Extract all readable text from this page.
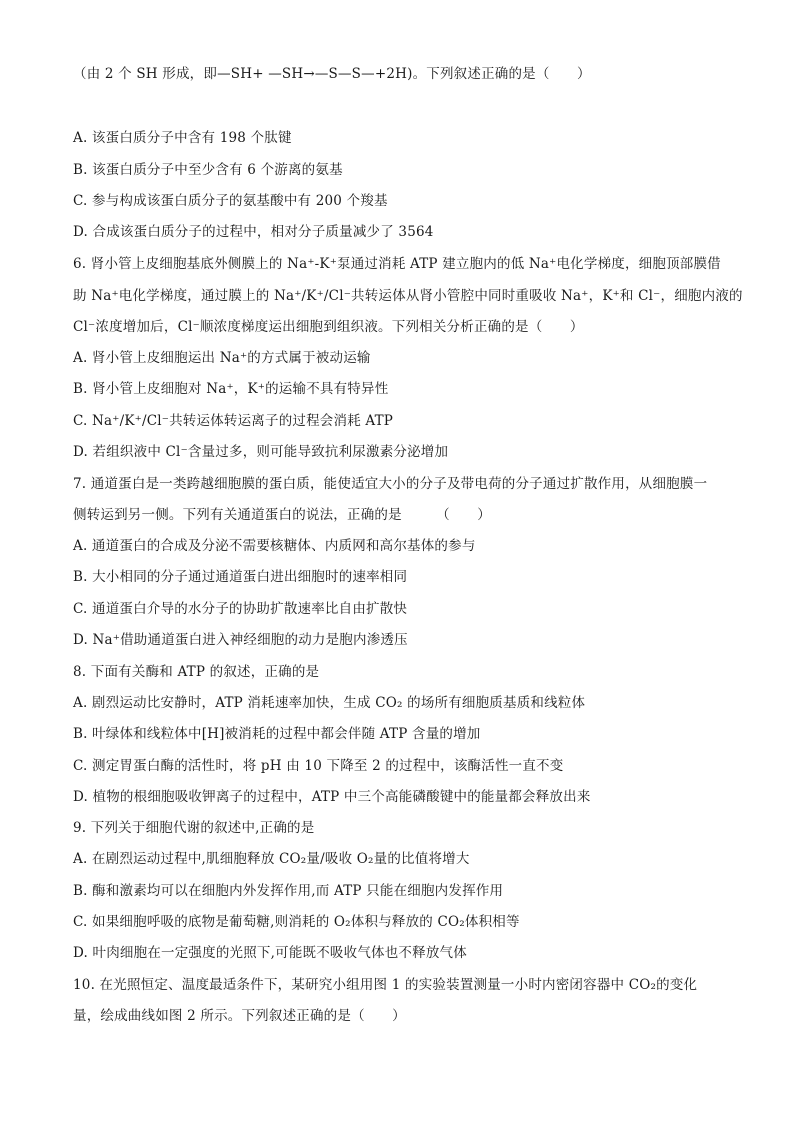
（由 2 个 SH 形成，即—SH+ —SH→—S—S—+2H)。下列叙述正确的是（　　）
A. 该蛋白质分子中含有 198 个肽键
B. 该蛋白质分子中至少含有 6 个游离的氨基
C. 参与构成该蛋白质分子的氨基酸中有 200 个羧基
D. 合成该蛋白质分子的过程中，相对分子质量减少了 3564
6. 肾小管上皮细胞基底外侧膜上的 Na⁺-K⁺泵通过消耗 ATP 建立胞内的低 Na⁺电化学梯度，细胞顶部膜借
助 Na⁺电化学梯度，通过膜上的 Na⁺/K⁺/Cl⁻共转运体从肾小管腔中同时重吸收 Na⁺，K⁺和 Cl⁻，细胞内液的
Cl⁻浓度增加后，Cl⁻顺浓度梯度运出细胞到组织液。下列相关分析正确的是（　　）
A. 肾小管上皮细胞运出 Na⁺的方式属于被动运输
B. 肾小管上皮细胞对 Na⁺，K⁺的运输不具有特异性
C. Na⁺/K⁺/Cl⁻共转运体转运离子的过程会消耗 ATP
D. 若组织液中 Cl⁻含量过多，则可能导致抗利尿激素分泌增加
7. 通道蛋白是一类跨越细胞膜的蛋白质，能使适宜大小的分子及带电荷的分子通过扩散作用，从细胞膜一
侧转运到另一侧。下列有关通道蛋白的说法，正确的是　　　（　　）
A. 通道蛋白的合成及分泌不需要核糖体、内质网和高尔基体的参与
B. 大小相同的分子通过通道蛋白进出细胞时的速率相同
C. 通道蛋白介导的水分子的协助扩散速率比自由扩散快
D. Na⁺借助通道蛋白进入神经细胞的动力是胞内渗透压
8. 下面有关酶和 ATP 的叙述，正确的是
A. 剧烈运动比安静时，ATP 消耗速率加快，生成 CO₂ 的场所有细胞质基质和线粒体
B. 叶绿体和线粒体中[H]被消耗的过程中都会伴随 ATP 含量的增加
C. 测定胃蛋白酶的活性时，将 pH 由 10 下降至 2 的过程中，该酶活性一直不变
D. 植物的根细胞吸收钾离子的过程中，ATP 中三个高能磷酸键中的能量都会释放出来
9. 下列关于细胞代谢的叙述中,正确的是
A. 在剧烈运动过程中,肌细胞释放 CO₂量/吸收 O₂量的比值将增大
B. 酶和激素均可以在细胞内外发挥作用,而 ATP 只能在细胞内发挥作用
C. 如果细胞呼吸的底物是葡萄糖,则消耗的 O₂体积与释放的 CO₂体积相等
D. 叶肉细胞在一定强度的光照下,可能既不吸收气体也不释放气体
10. 在光照恒定、温度最适条件下，某研究小组用图 1 的实验装置测量一小时内密闭容器中 CO₂的变化
量，绘成曲线如图 2 所示。下列叙述正确的是（　　）
